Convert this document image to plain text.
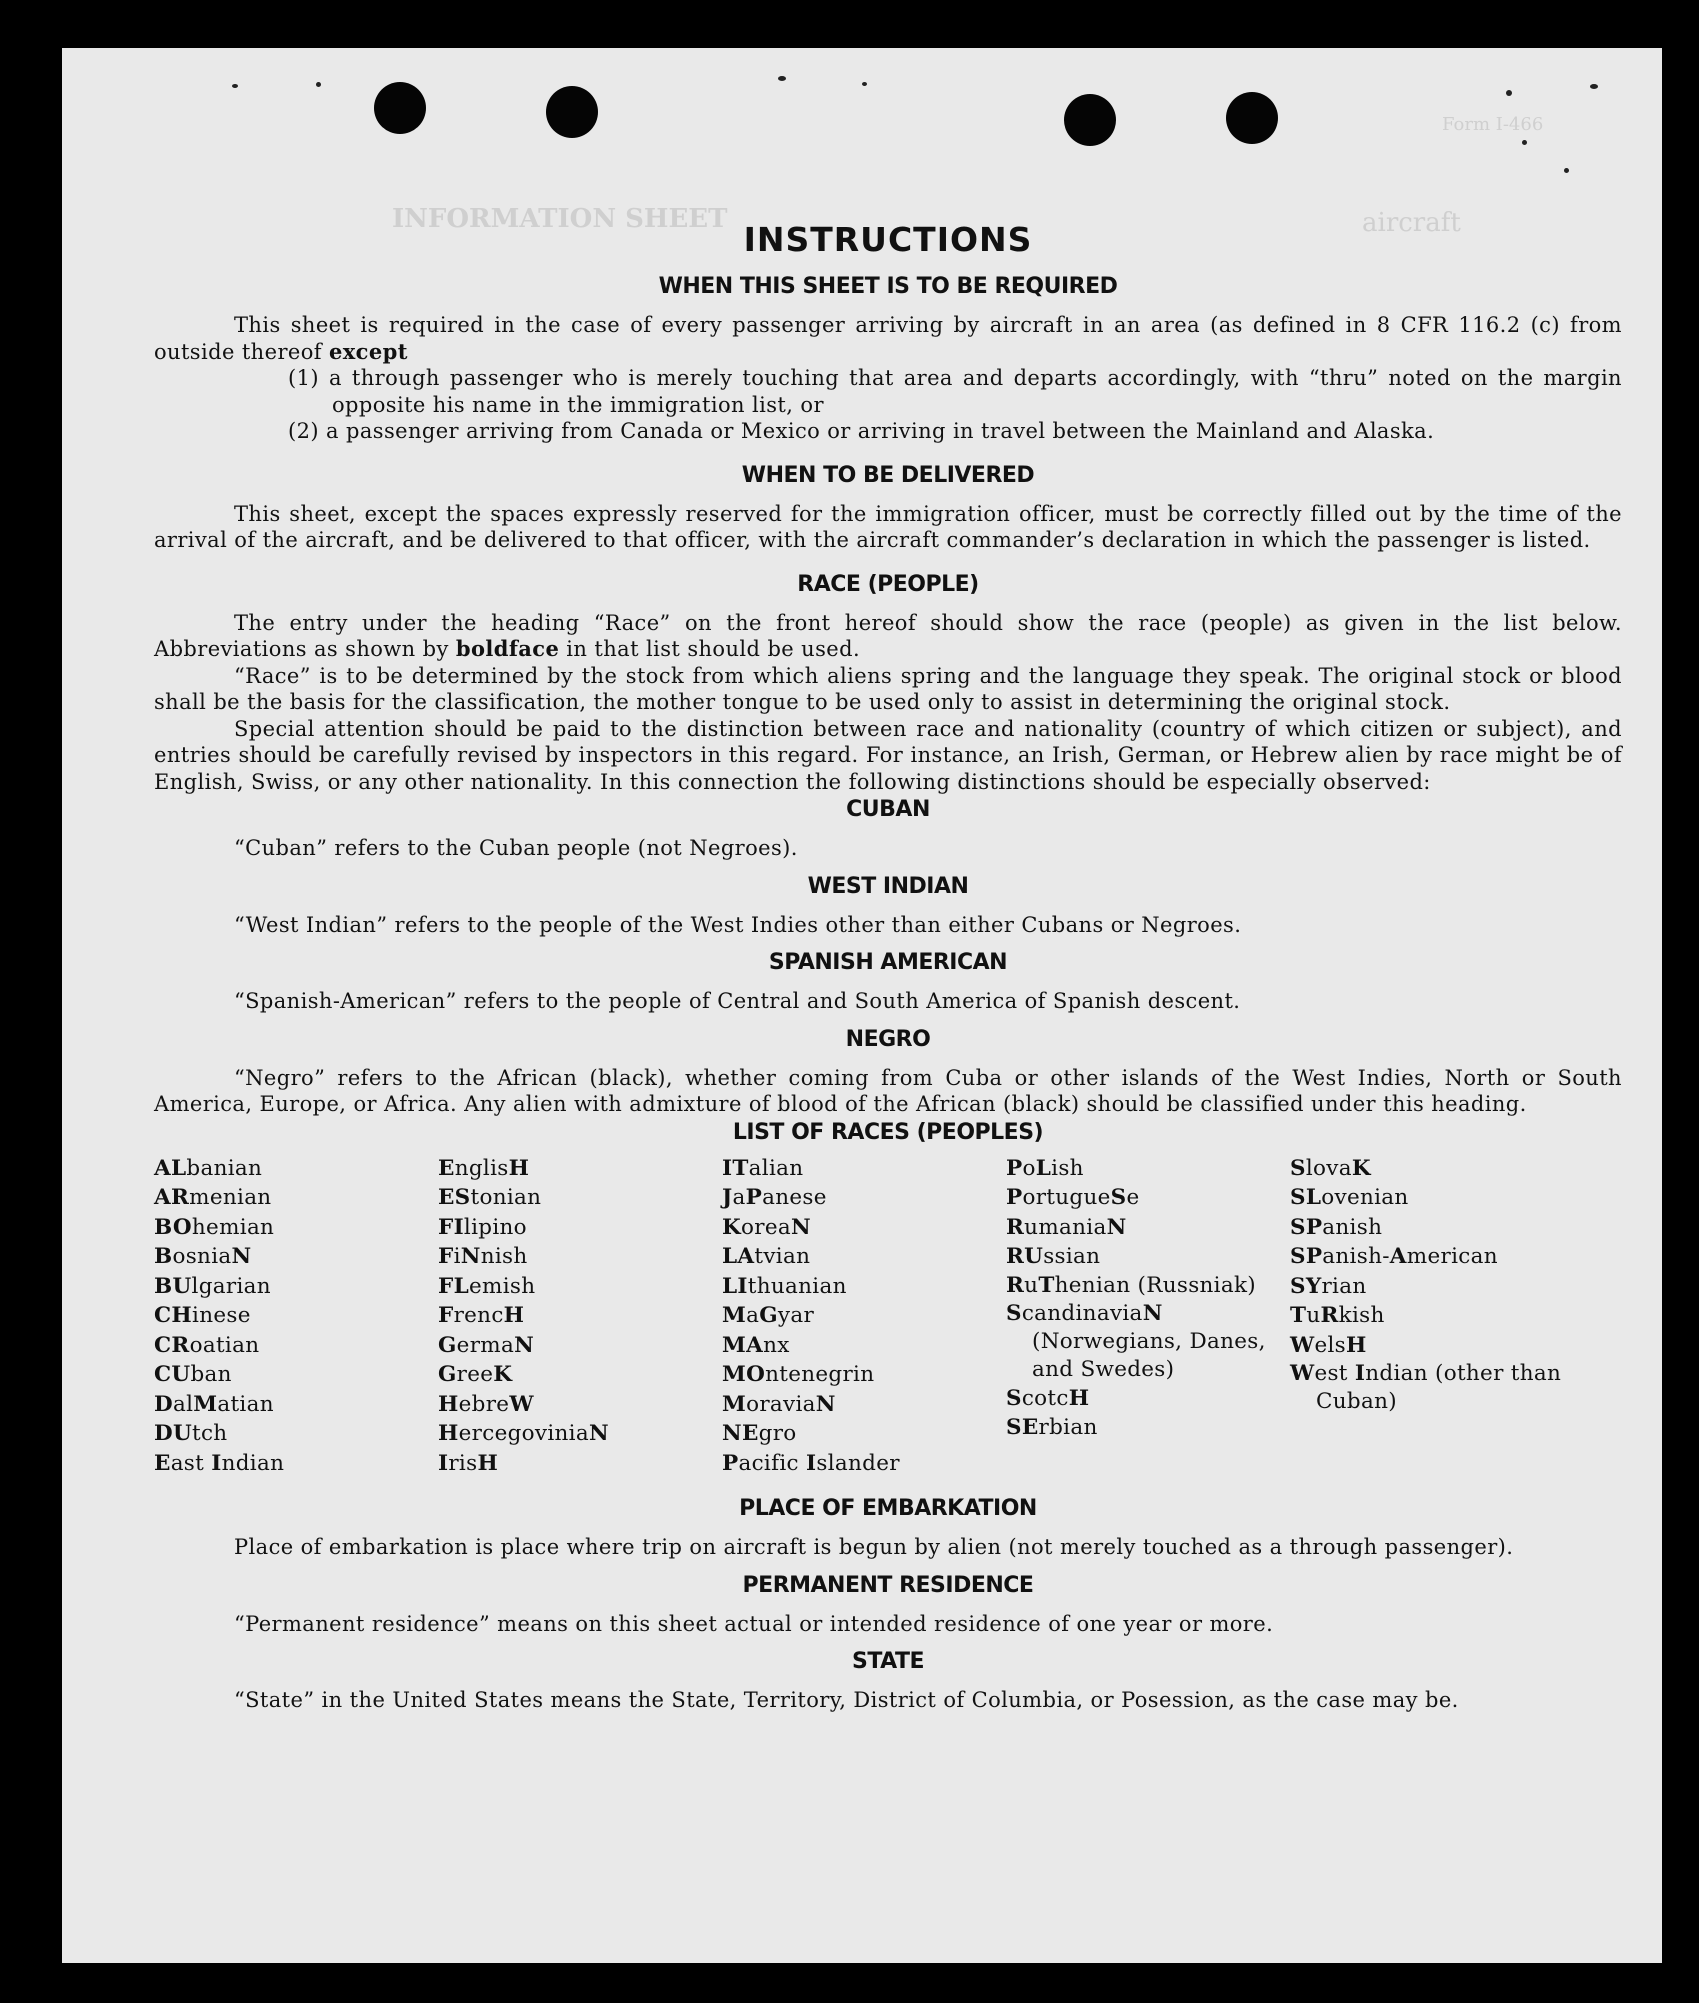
Form I-466
INFORMATION SHEET	aircraft
INSTRUCTIONS
WHEN THIS SHEET IS TO BE REQUIRED

This sheet is required in the case of every passenger arriving by aircraft in an area (as defined in 8 CFR 116.2 (c) from outside thereof except

(1) a through passenger who is merely touching that area and departs accordingly, with “thru” noted on the margin opposite his name in the immigration list, or
(2) a passenger arriving from Canada or Mexico or arriving in travel between the Mainland and Alaska.
WHEN TO BE DELIVERED

This sheet, except the spaces expressly reserved for the immigration officer, must be correctly filled out by the time of the arrival of the aircraft, and be delivered to that officer, with the aircraft commander’s declaration in which the passenger is listed.

RACE (PEOPLE)

The entry under the heading “Race” on the front hereof should show the race (people) as given in the list below. Abbreviations as shown by boldface in that list should be used.

“Race” is to be determined by the stock from which aliens spring and the language they speak. The original stock or blood shall be the basis for the classification, the mother tongue to be used only to assist in determining the original stock.

Special attention should be paid to the distinction between race and nationality (country of which citizen or subject), and entries should be carefully revised by inspectors in this regard. For instance, an Irish, German, or Hebrew alien by race might be of English, Swiss, or any other nationality. In this connection the following distinctions should be especially observed:

CUBAN

“Cuban” refers to the Cuban people (not Negroes).

WEST INDIAN

“West Indian” refers to the people of the West Indies other than either Cubans or Negroes.

SPANISH AMERICAN

“Spanish-American” refers to the people of Central and South America of Spanish descent.

NEGRO

“Negro” refers to the African (black), whether coming from Cuba or other islands of the West Indies, North or South America, Europe, or Africa. Any alien with admixture of blood of the African (black) should be classified under this heading.

LIST OF RACES (PEOPLES)
ALbanian
ARmenian
BOhemian
BosniaN
BUlgarian
CHinese
CRoatian
CUban
DalMatian
DUtch
East Indian
EnglisH
EStonian
FIlipino
FiNnish
FLemish
FrencH
GermaN
GreeK
HebreW
HercegoviniaN
IrisH
ITalian
JaPanese
KoreaN
LAtvian
LIthuanian
MaGyar
MAnx
MOntenegrin
MoraviaN
NEgro
Pacific Islander
PoLish
PortugueSe
RumaniaN
RUssian
RuThenian (Russniak)
ScandinaviaN (Norwegians, Danes, and Swedes)
ScotcH
SErbian
SlovaK
SLovenian
SPanish
SPanish-American
SYrian
TuRkish
WelsH
West Indian (other than Cuban)
PLACE OF EMBARKATION

Place of embarkation is place where trip on aircraft is begun by alien (not merely touched as a through passenger).

PERMANENT RESIDENCE

“Permanent residence” means on this sheet actual or intended residence of one year or more.

STATE

“State” in the United States means the State, Territory, District of Columbia, or Posession, as the case may be.
